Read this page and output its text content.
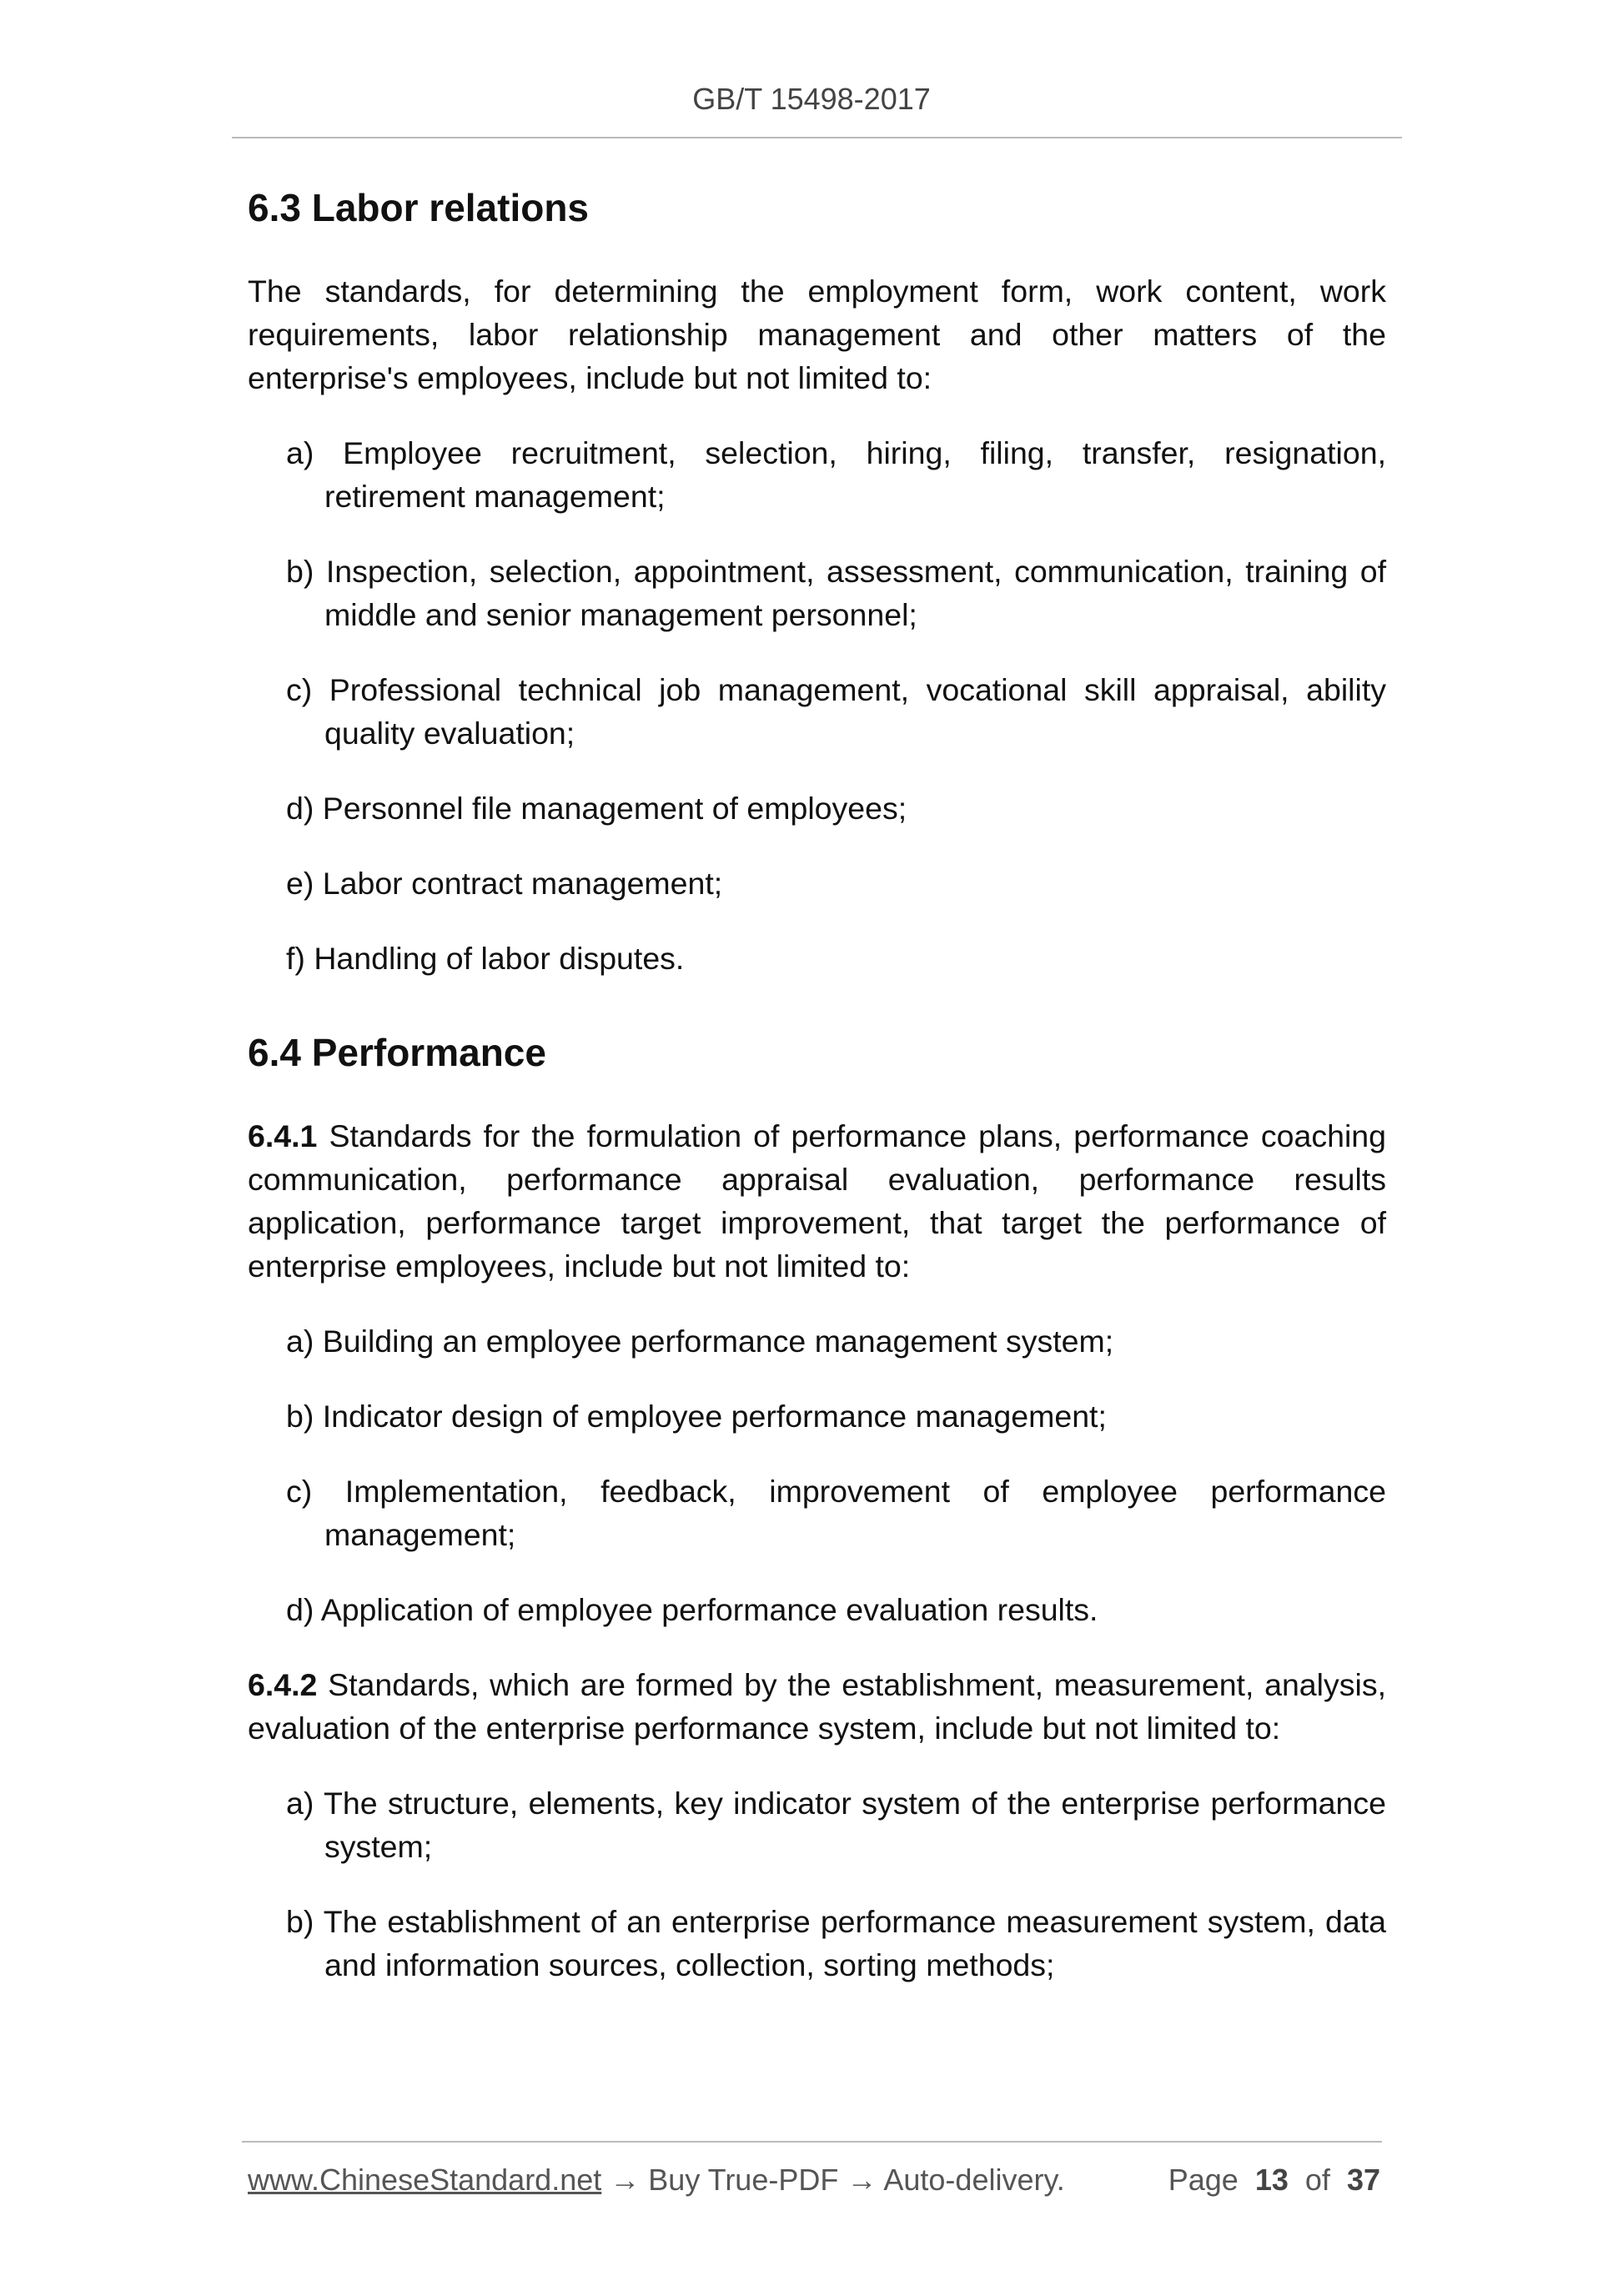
GB/T 15498-2017
6.3 Labor relations

The standards, for determining the employment form, work content, work requirements, labor relationship management and other matters of the enterprise's employees, include but not limited to:

a) Employee recruitment, selection, hiring, filing, transfer, resignation, retirement management;

b) Inspection, selection, appointment, assessment, communication, training of middle and senior management personnel;

c) Professional technical job management, vocational skill appraisal, ability quality evaluation;

d) Personnel file management of employees;

e) Labor contract management;

f) Handling of labor disputes.

6.4 Performance

6.4.1 Standards for the formulation of performance plans, performance coaching communication, performance appraisal evaluation, performance results application, performance target improvement, that target the performance of enterprise employees, include but not limited to:

a) Building an employee performance management system;

b) Indicator design of employee performance management;

c) Implementation, feedback, improvement of employee performance management;

d) Application of employee performance evaluation results.

6.4.2 Standards, which are formed by the establishment, measurement, analysis, evaluation of the enterprise performance system, include but not limited to:

a) The structure, elements, key indicator system of the enterprise performance system;

b) The establishment of an enterprise performance measurement system, data and information sources, collection, sorting methods;

www.ChineseStandard.net → Buy True-PDF → Auto-delivery.	Page 13 of 37
